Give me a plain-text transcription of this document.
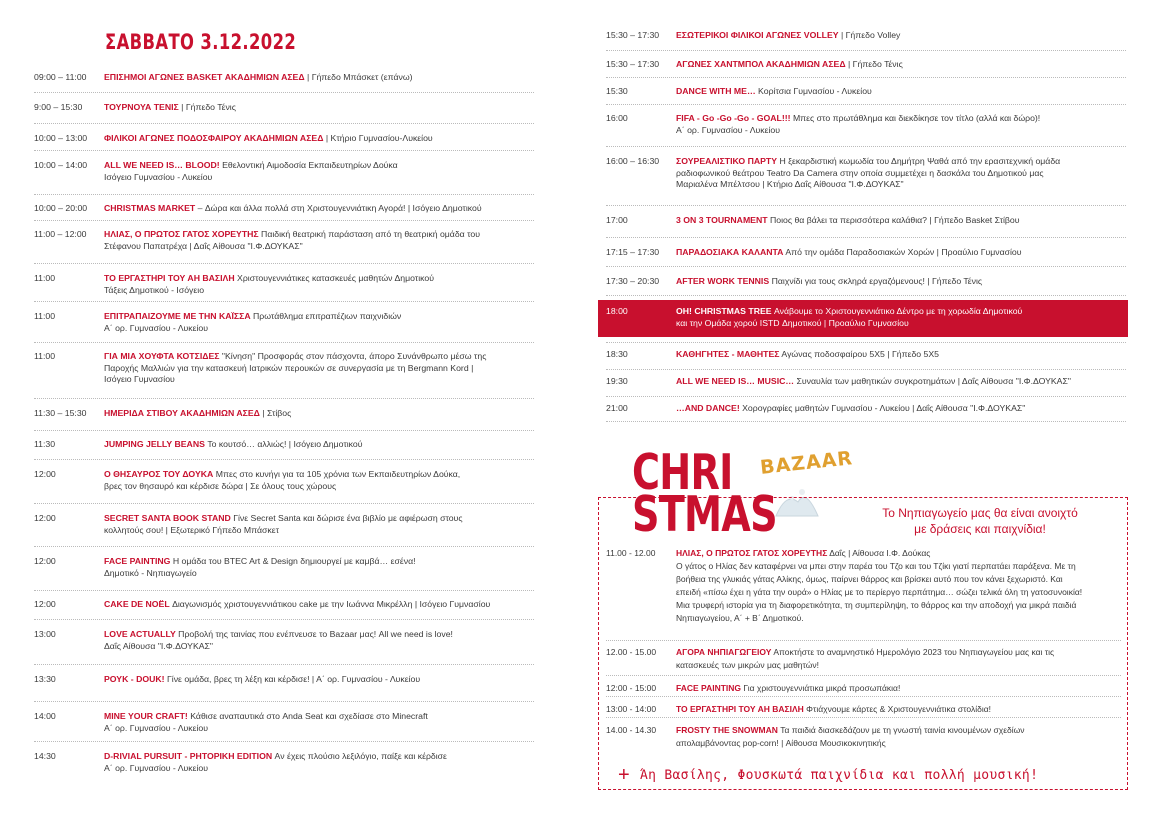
ΣΑΒΒΑΤΟ 3.12.2022
09:00 – 11:00 ΕΠΙΣΗΜΟΙ ΑΓΩΝΕΣ BASKET ΑΚΑΔΗΜΙΩΝ ΑΣΕΔ | Γήπεδο Μπάσκετ (επάνω)
9:00 – 15:30 ΤΟΥΡΝΟΥΑ ΤΕΝΙΣ | Γήπεδο Τένις
10:00 – 13:00 ΦΙΛΙΚΟΙ ΑΓΩΝΕΣ ΠΟΔΟΣΦΑΙΡΟΥ ΑΚΑΔΗΜΙΩΝ ΑΣΕΔ | Κτήριο Γυμνασίου-Λυκείου
10:00 – 14:00 ALL WE NEED IS… BLOOD! Εθελοντική Αιμοδοσία Εκπαιδευτηρίων Δούκα
Ισόγειο Γυμνασίου - Λυκείου
10:00 – 20:00 CHRISTMAS MARKET – Δώρα και άλλα πολλά στη Χριστουγεννιάτικη Αγορά! | Ισόγειο Δημοτικού
11:00 – 12:00 ΗΛΙΑΣ, Ο ΠΡΩΤΟΣ ΓΑΤΟΣ ΧΟΡΕΥΤΗΣ Παιδική θεατρική παράσταση από τη θεατρική ομάδα του
Στέφανου Παπατρέχα | Δαΐς Αίθουσα "Ι.Φ.ΔΟΥΚΑΣ"
11:00	ΤΟ ΕΡΓΑΣΤΗΡΙ ΤΟΥ ΑΗ ΒΑΣΙΛΗ Χριστουγεννιάτικες κατασκευές μαθητών Δημοτικού
Τάξεις Δημοτικού - Ισόγειο
11:00	ΕΠΙΤΡΑΠΑΙΖΟΥΜΕ ΜΕ ΤΗΝ ΚΑΪΣΣΑ Πρωτάθλημα επιτραπέζιων παιχνιδιών
Α΄ ορ. Γυμνασίου - Λυκείου
11:00	ΓΙΑ ΜΙΑ ΧΟΥΦΤΑ ΚΟΤΣΙΔΕΣ "Κίνηση" Προσφοράς στον πάσχοντα, άπορο Συνάνθρωπο μέσω της
Παροχής Μαλλιών για την κατασκευή Ιατρικών περουκών σε συνεργασία με τη Bergmann Kord |
Ισόγειο Γυμνασίου
11:30 – 15:30 ΗΜΕΡΙΔΑ ΣΤΙΒΟΥ ΑΚΑΔΗΜΙΩΝ ΑΣΕΔ | Στίβος
11:30	JUMPING JELLY BEANS Το κουτσό… αλλιώς! | Ισόγειο Δημοτικού
12:00	Ο ΘΗΣΑΥΡΟΣ ΤΟΥ ΔΟΥΚΑ Μπες στο κυνήγι για τα 105 χρόνια των Εκπαιδευτηρίων Δούκα,
βρες τον θησαυρό και κέρδισε δώρα | Σε όλους τους χώρους
12:00	SECRET SANTA BOOK STAND Γίνε Secret Santa και δώρισε ένα βιβλίο με αφιέρωση στους
κολλητούς σου! | Εξωτερικό Γήπεδο Μπάσκετ
12:00	FACE PAINTING Η ομάδα του BTEC Art & Design δημιουργεί με καμβά… εσένα!
Δημοτικό - Νηπιαγωγείο
12:00	CAKE DE NOËL Διαγωνισμός χριστουγεννιάτικου cake με την Ιωάννα Μικρέλλη | Ισόγειο Γυμνασίου
13:00	LOVE ACTUALLY Προβολή της ταινίας που ενέπνευσε το Bazaar μας! All we need is love!
Δαΐς Αίθουσα "Ι.Φ.ΔΟΥΚΑΣ"
13:30	ΡΟΥΚ - DOUK! Γίνε ομάδα, βρες τη λέξη και κέρδισε! | Α΄ ορ. Γυμνασίου - Λυκείου
14:00	MINE YOUR CRAFT! Κάθισε αναπαυτικά στο Anda Seat και σχεδίασε στο Minecraft
Α΄ ορ. Γυμνασίου - Λυκείου
14:30	D-RIVIAL PURSUIT - ΡΗΤΟΡΙΚΗ EDITION Αν έχεις πλούσιο λεξιλόγιο, παίξε και κέρδισε
Α΄ ορ. Γυμνασίου - Λυκείου
15:30 – 17:30 ΕΣΩΤΕΡΙΚΟΙ ΦΙΛΙΚΟΙ ΑΓΩΝΕΣ VOLLEY | Γήπεδο Volley
15:30 – 17:30 ΑΓΩΝΕΣ ΧΑΝΤΜΠΟΛ ΑΚΑΔΗΜΙΩΝ ΑΣΕΔ | Γήπεδο Τένις
15:30	DANCE WITH ME… Κορίτσια Γυμνασίου - Λυκείου
16:00	FIFA - Go -Go -Go - GOAL!!! Μπες στο πρωτάθλημα και διεκδίκησε τον τίτλο (αλλά και δώρο)!
Α΄ ορ. Γυμνασίου - Λυκείου
16:00 – 16:30 ΣΟΥΡΕΑΛΙΣΤΙΚΟ ΠΑΡΤΥ Η ξεκαρδιστική κωμωδία του Δημήτρη Ψαθά από την ερασιτεχνική ομάδα
ραδιοφωνικού θεάτρου Teatro Da Camera στην οποία συμμετέχει η δασκάλα του Δημοτικού μας
Μαριαλένα Μπέλτσου | Κτήριο Δαΐς Αίθουσα "Ι.Φ.ΔΟΥΚΑΣ"
17:00	3 ON 3 TOURNAMENT Ποιος θα βάλει τα περισσότερα καλάθια? | Γήπεδο Basket Στίβου
17:15 – 17:30 ΠΑΡΑΔΟΣΙΑΚΑ ΚΑΛΑΝΤΑ Από την ομάδα Παραδοσιακών Χορών | Προαύλιο Γυμνασίου
17:30 – 20:30 AFTER WORK TENNIS Παιχνίδι για τους σκληρά εργαζόμενους! | Γήπεδο Τένις
18:30	ΚΑΘΗΓΗΤΕΣ - ΜΑΘΗΤΕΣ Αγώνας ποδοσφαίρου 5Χ5 | Γήπεδο 5Χ5
19:30	ALL WE NEED IS… MUSIC… Συναυλία των μαθητικών συγκροτημάτων | Δαΐς Αίθουσα "Ι.Φ.ΔΟΥΚΑΣ"
21:00	…AND DANCE! Χορογραφίες μαθητών Γυμνασίου - Λυκείου | Δαΐς Αίθουσα "Ι.Φ.ΔΟΥΚΑΣ"
18:00	OH! CHRISTMAS TREE Ανάβουμε το Χριστουγεννιάτικο Δέντρο με τη χορωδία Δημοτικού
και την Ομάδα χορού ISTD Δημοτικού | Προαύλιο Γυμνασίου
CHRI
STMAS
BAZAAR
Το Νηπιαγωγείο μας θα είναι ανοιχτό
με δράσεις και παιχνίδια!
11.00 - 12.00 ΗΛΙΑΣ, Ο ΠΡΩΤΟΣ ΓΑΤΟΣ ΧΟΡΕΥΤΗΣ Δαΐς | Αίθουσα Ι.Φ. Δούκας
Ο γάτος ο Ηλίας δεν καταφέρνει να μπει στην παρέα του Τζο και του Τζίκι γιατί περπατάει παράξενα. Με τη
βοήθεια της γλυκιάς γάτας Αλίκης, όμως, παίρνει θάρρος και βρίσκει αυτό που τον κάνει ξεχωριστό. Και
επειδή «πίσω έχει η γάτα την ουρά» ο Ηλίας με το περίεργο περπάτημα… σώζει τελικά όλη τη γατοσυνοικία!
Μια τρυφερή ιστορία για τη διαφορετικότητα, τη συμπερίληψη, το θάρρος και την αποδοχή για μικρά παιδιά
Νηπιαγωγείου, Α΄ + Β΄ Δημοτικού.
12.00 - 15.00 ΑΓΟΡΑ ΝΗΠΙΑΓΩΓΕΙΟΥ Αποκτήστε το αναμνηστικό Ημερολόγιο 2023 του Νηπιαγωγείου μας και τις
κατασκευές των μικρών μας μαθητών!
12:00 - 15:00 FACE PAINTING Για χριστουγεννιάτικα μικρά προσωπάκια!
13:00 - 14:00 ΤΟ ΕΡΓΑΣΤΗΡΙ ΤΟΥ ΑΗ ΒΑΣΙΛΗ Φτιάχνουμε κάρτες & Χριστουγεννιάτικα στολίδια!
14.00 - 14.30 FROSTY THE SNOWMAN Τα παιδιά διασκεδάζουν με τη γνωστή ταινία κινουμένων σχεδίων
απολαμβάνοντας pop-corn! | Αίθουσα Μουσικοκινητικής
+ Άη Βασίλης, Φουσκωτά παιχνίδια και πολλή μουσική!
